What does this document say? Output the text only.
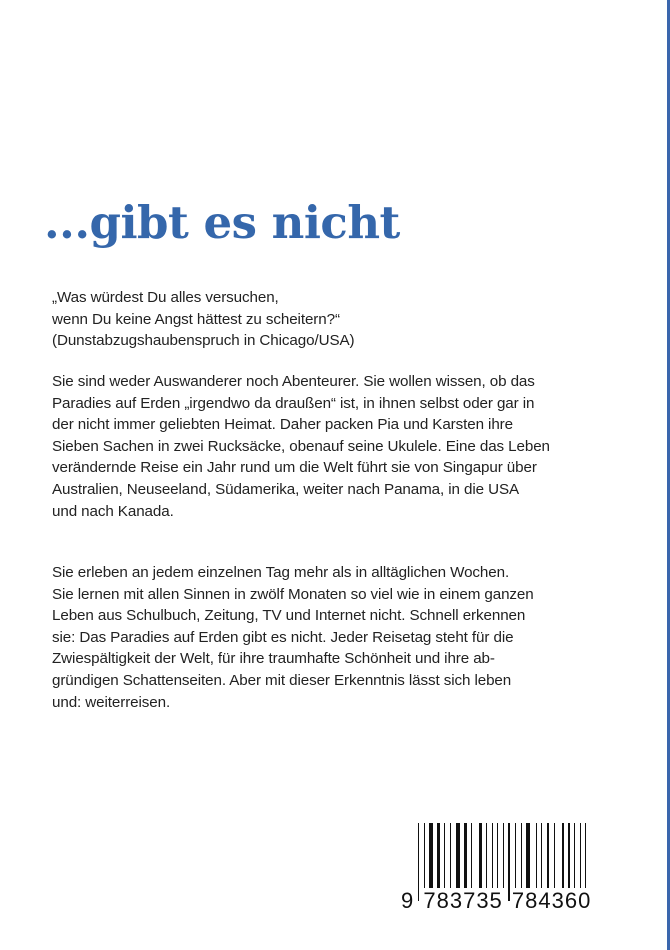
...gibt es nicht
„Was würdest Du alles versuchen,
wenn Du keine Angst hättest zu scheitern?“
(Dunstabzugshaubenspruch in Chicago/USA)
Sie sind weder Auswanderer noch Abenteurer. Sie wollen wissen, ob das
Paradies auf Erden „irgendwo da draußen“ ist, in ihnen selbst oder gar in
der nicht immer geliebten Heimat. Daher packen Pia und Karsten ihre
Sieben Sachen in zwei Rucksäcke, obenauf seine Ukulele. Eine das Leben
verändernde Reise ein Jahr rund um die Welt führt sie von Singapur über
Australien, Neuseeland, Südamerika, weiter nach Panama, in die USA
und nach Kanada.
Sie erleben an jedem einzelnen Tag mehr als in alltäglichen Wochen.
Sie lernen mit allen Sinnen in zwölf Monaten so viel wie in einem ganzen
Leben aus Schulbuch, Zeitung, TV und Internet nicht. Schnell erkennen
sie: Das Paradies auf Erden gibt es nicht. Jeder Reisetag steht für die
Zwiespältigkeit der Welt, für ihre traumhafte Schönheit und ihre ab-
gründigen Schattenseiten. Aber mit dieser Erkenntnis lässt sich leben
und: weiterreisen.
9 783735 784360
